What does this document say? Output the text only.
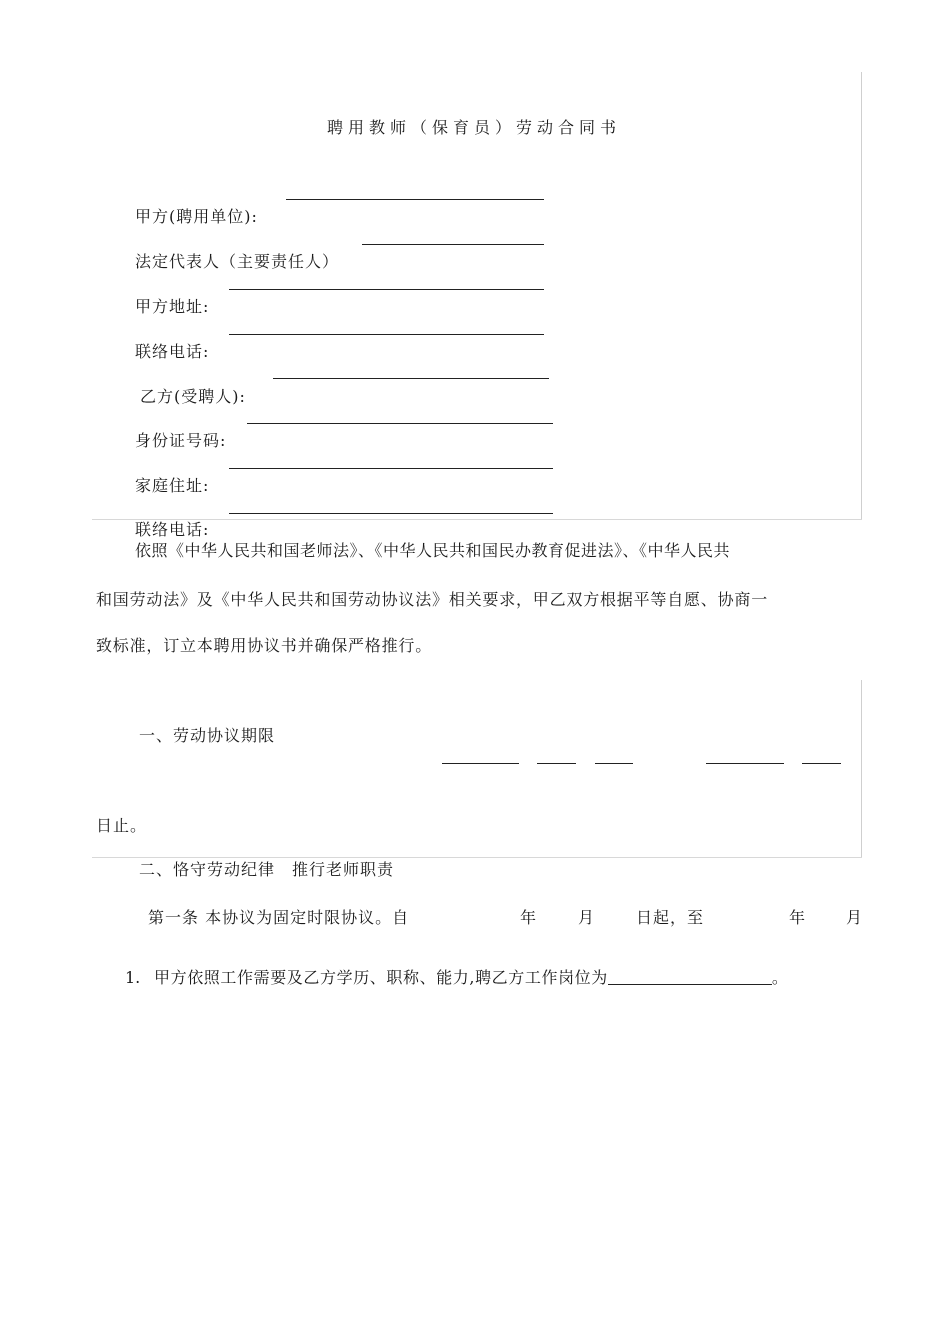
聘用教师（保育员）劳动合同书
甲方(聘用单位):
法定代表人（主要责任人）
甲方地址:
联络电话:
乙方(受聘人):
身份证号码:
家庭住址:
联络电话:
依照《中华人民共和国老师法》、《中华人民共和国民办教育促进法》、《中华人民共
和国劳动法》及《中华人民共和国劳动协议法》相关要求，甲乙双方根据平等自愿、协商一
致标准，订立本聘用协议书并确保严格推行。
一、劳动协议期限
日止。
二、恪守劳动纪律　推行老师职责
第一条 本协议为固定时限协议。自	年	月	日起，至	年	月
1. 甲方依照工作需要及乙方学历、职称、能力,聘乙方工作岗位为	。
